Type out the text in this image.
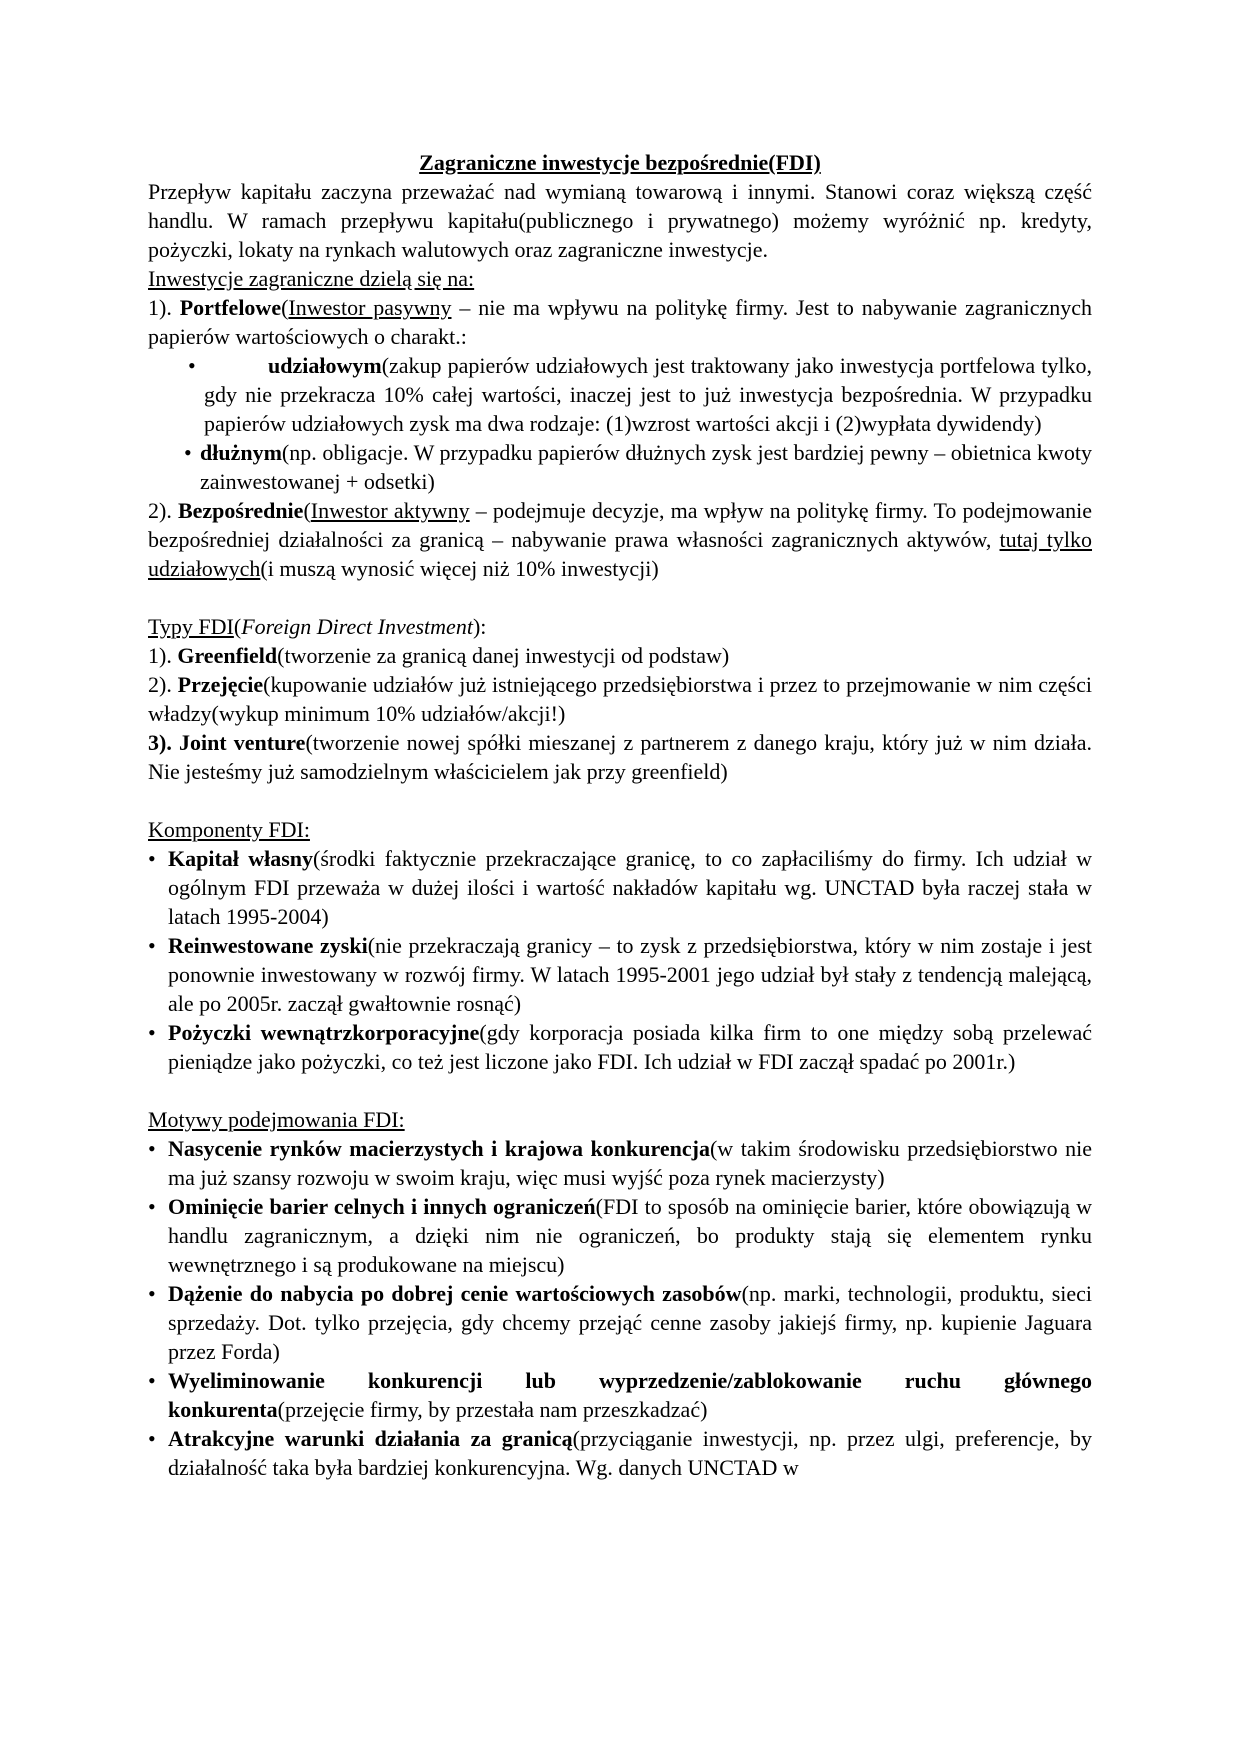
Zagraniczne inwestycje bezpośrednie(FDI)

Przepływ kapitału zaczyna przeważać nad wymianą towarową i innymi. Stanowi coraz większą część handlu. W ramach przepływu kapitału(publicznego i prywatnego) możemy wyróżnić np. kredyty, pożyczki, lokaty na rynkach walutowych oraz zagraniczne inwestycje.

Inwestycje zagraniczne dzielą się na:

1). Portfelowe(Inwestor pasywny – nie ma wpływu na politykę firmy. Jest to nabywanie zagranicznych papierów wartościowych o charakt.:

•	udziałowym(zakup papierów udziałowych jest traktowany jako inwestycja portfelowa tylko, gdy nie przekracza 10% całej wartości, inaczej jest to już inwestycja bezpośrednia. W przypadku papierów udziałowych zysk ma dwa rodzaje: (1)wzrost wartości akcji i (2)wypłata dywidendy)
• dłużnym(np. obligacje. W przypadku papierów dłużnych zysk jest bardziej pewny – obietnica kwoty zainwestowanej + odsetki)

2). Bezpośrednie(Inwestor aktywny – podejmuje decyzje, ma wpływ na politykę firmy. To podejmowanie bezpośredniej działalności za granicą – nabywanie prawa własności zagranicznych aktywów, tutaj tylko udziałowych(i muszą wynosić więcej niż 10% inwestycji)

Typy FDI(Foreign Direct Investment):

1). Greenfield(tworzenie za granicą danej inwestycji od podstaw)

2). Przejęcie(kupowanie udziałów już istniejącego przedsiębiorstwa i przez to przejmowanie w nim części władzy(wykup minimum 10% udziałów/akcji!)

3). Joint venture(tworzenie nowej spółki mieszanej z partnerem z danego kraju, który już w nim działa. Nie jesteśmy już samodzielnym właścicielem jak przy greenfield)

Komponenty FDI:

• Kapitał własny(środki faktycznie przekraczające granicę, to co zapłaciliśmy do firmy. Ich udział w ogólnym FDI przeważa w dużej ilości i wartość nakładów kapitału wg. UNCTAD była raczej stała w latach 1995-2004)
• Reinwestowane zyski(nie przekraczają granicy – to zysk z przedsiębiorstwa, który w nim zostaje i jest ponownie inwestowany w rozwój firmy. W latach 1995-2001 jego udział był stały z tendencją malejącą, ale po 2005r. zaczął gwałtownie rosnąć)
• Pożyczki wewnątrzkorporacyjne(gdy korporacja posiada kilka firm to one między sobą przelewać pieniądze jako pożyczki, co też jest liczone jako FDI. Ich udział w FDI zaczął spadać po 2001r.)

Motywy podejmowania FDI:

• Nasycenie rynków macierzystych i krajowa konkurencja(w takim środowisku przedsiębiorstwo nie ma już szansy rozwoju w swoim kraju, więc musi wyjść poza rynek macierzysty)
• Ominięcie barier celnych i innych ograniczeń(FDI to sposób na ominięcie barier, które obowiązują w handlu zagranicznym, a dzięki nim nie ograniczeń, bo produkty stają się elementem rynku wewnętrznego i są produkowane na miejscu)
• Dążenie do nabycia po dobrej cenie wartościowych zasobów(np. marki, technologii, produktu, sieci sprzedaży. Dot. tylko przejęcia, gdy chcemy przejąć cenne zasoby jakiejś firmy, np. kupienie Jaguara przez Forda)
• Wyeliminowanie konkurencji lub wyprzedzenie/zablokowanie ruchu głównego konkurenta(przejęcie firmy, by przestała nam przeszkadzać)
• Atrakcyjne warunki działania za granicą(przyciąganie inwestycji, np. przez ulgi, preferencje, by działalność taka była bardziej konkurencyjna. Wg. danych UNCTAD w
